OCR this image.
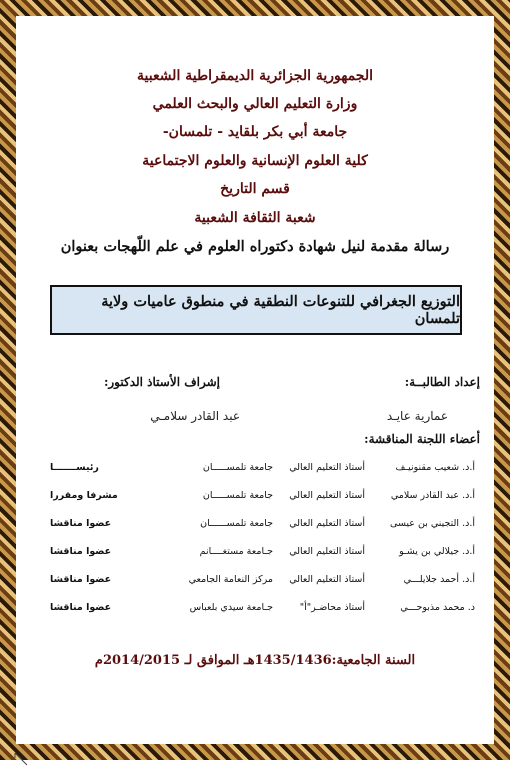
الجمهورية الجزائرية الديمقراطية الشعبية
وزارة التعليم العالي والبحث العلمي
جامعة أبي بكر بلقايد - تلمسان-
كلية العلوم الإنسانية والعلوم الاجتماعية
قسم التاريخ
شعبة الثقافة الشعبية
رسالة مقدمة لنيل شهادة دكتوراه العلوم في علم اللّهجات بعنوان
التوزيع الجغرافي للتنوعات النطقية في منطوق عاميات ولاية تلمسان
إعداد الطالبــة:
إشراف الأستاذ الدكتور:
عمارية عايـد
عبد القادر سلامـي
أعضاء اللجنة المناقشة:
أ.د. شعيب مقنونيـف	أستاذ التعليم العالي	جامعة تلمســـــان	رئيســـــــا
أ.د. عبد القادر سلامي	أستاذ التعليم العالي	جامعة تلمســـــان	مشرفا ومقررا
أ.د. التجيني بن عيسى	أستاذ التعليم العالي	جامعة تلمســــــان	عضوا مناقشا
أ.د. جيلالي بن يشـو	أستاذ التعليم العالي	جـامعة مستغــــانم	عضوا مناقشا
أ.د. أحمد جلايلـــي	أستاذ التعليم العالي	مركز النعامة الجامعي	عضوا مناقشا
د. محمد مذبوحـــي	أستاذ محاضـر"أ"	جـامعة سيدي بلعباس	عضوا مناقشا
السنة الجامعية:1435/1436هـ الموافق لـ 2014/2015م
